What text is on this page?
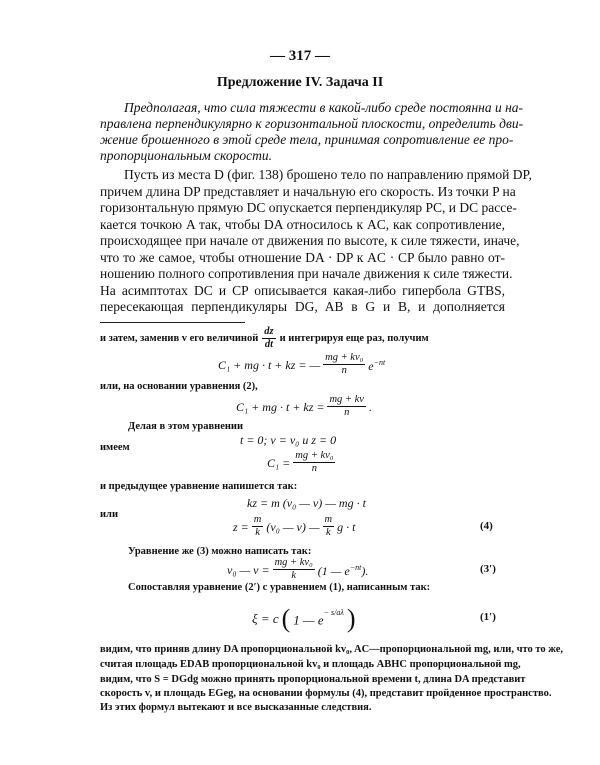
— 317 —
Предложение IV. Задача II
Предполагая, что сила тяжести в какой-либо среде постоянна и на-
правлена перпендикулярно к горизонтальной плоскости, определить дви-
жение брошенного в этой среде тела, принимая сопротивление ее про-
пропорциональным скорости.
Пусть из места D (фиг. 138) брошено тело по направлению прямой DP,
причем длина DP представляет и начальную его скорость. Из точки P на
горизонтальную прямую DC опускается перпендикуляр PC, и DC рассе-
кается точкою A так, чтобы DA относилось к AC, как сопротивление,
происходящее при начале от движения по высоте, к силе тяжести, иначе,
что то же самое, чтобы отношение DA · DP к AC · CP было равно от-
ношению полного сопротивления при начале движения к силе тяжести.
На асимптотах DC и CP описывается какая-либо гипербола GTBS,
пересекающая перпендикуляры DG, AB в G и B, и дополняется
и затем, заменив v его величиной $\frac{dz}{dt}$ и интегрируя еще раз, получим
C₁ + mg · t + kz = — $\frac{\text{mg + kv₀}}{n} e^{-nt}$
или, на основании уравнения (2),
C₁ + mg · t + kz = $\frac{mg + kv}{n}$ .
Делая в этом уравнении
t = 0; v = v₀ и z = 0
имеем
$C_1 = \frac{\text{mg + kv₀}}{n}$
и предыдущее уравнение напишется так:
kz = m (v₀ — v) — mg · t
или
$z = \frac{m}{k} (v_0$ — v) — $\frac{m}{k}$ g · t	(4)
Уравнение же (3) можно написать так:
v₀ — $v = \frac{\text{mg + kv₀}}{k} (1$ — $e^{-nt}$).	(3′)
Сопоставляя уравнение (2′) с уравнением (1), написанным так:
ξ = c ( 1 — $e^{- s/a\lambda}$ )	(1′)
видим, что приняв длину DA пропорциональной kv₀, AC—пропорциональной mg, или, что то же,
считая площадь EDAB пропорциональной kv₀ и площадь ABHC пропорциональной mg,
видим, что S = DGdg можно принять пропорциональной времени t, длина DA представит
скорость v, и площадь EGeg, на основании формулы (4), представит пройденное пространство.
Из этих формул вытекают и все высказанные следствия.
